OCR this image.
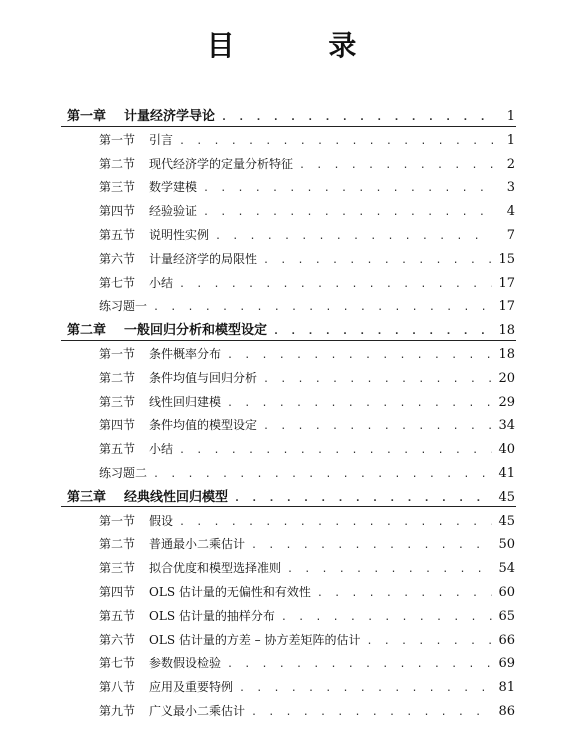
目 录
第一章 计量经济学导论 . . .	1
第一节 引言 . . .	1
第二节 现代经济学的定量分析特征 . . .	2
第三节 数学建模 . . .	3
第四节 经验验证 . . .	4
第五节 说明性实例 . . .	7
第六节 计量经济学的局限性 . . .	15
第七节 小结 . . .	17
练习题一 . . .	17
第二章 一般回归分析和模型设定 . . .	18
第一节 条件概率分布 . . .	18
第二节 条件均值与回归分析 . . .	20
第三节 线性回归建模 . . .	29
第四节 条件均值的模型设定 . . .	34
第五节 小结 . . .	40
练习题二 . . .	41
第三章 经典线性回归模型 . . .	45
第一节 假设 . . .	45
第二节 普通最小二乘估计 . . .	50
第三节 拟合优度和模型选择准则 . . .	54
第四节 OLS 估计量的无偏性和有效性 . . .	60
第五节 OLS 估计量的抽样分布 . . .	65
第六节 OLS 估计量的方差 – 协方差矩阵的估计 . . .	66
第七节 参数假设检验 . . .	69
第八节 应用及重要特例 . . .	81
第九节 广义最小二乘估计 . . .	86
